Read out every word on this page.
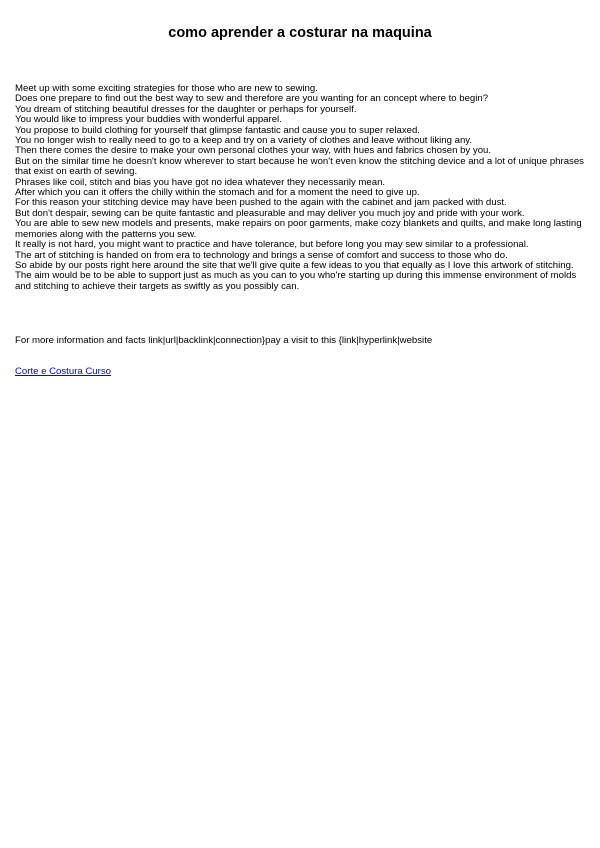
como aprender a costurar na maquina
Meet up with some exciting strategies for those who are new to sewing.
Does one prepare to find out the best way to sew and therefore are you wanting for an concept where to begin?
You dream of stitching beautiful dresses for the daughter or perhaps for yourself.
You would like to impress your buddies with wonderful apparel.
You propose to build clothing for yourself that glimpse fantastic and cause you to super relaxed.
You no longer wish to really need to go to a keep and try on a variety of clothes and leave without liking any.
Then there comes the desire to make your own personal clothes your way, with hues and fabrics chosen by you.
But on the similar time he doesn't know wherever to start because he won't even know the stitching device and a lot of unique phrases that exist on earth of sewing.
Phrases like coil, stitch and bias you have got no idea whatever they necessarily mean.
After which you can it offers the chilly within the stomach and for a moment the need to give up.
For this reason your stitching device may have been pushed to the again with the cabinet and jam packed with dust.
But don't despair, sewing can be quite fantastic and pleasurable and may deliver you much joy and pride with your work.
You are able to sew new models and presents, make repairs on poor garments, make cozy blankets and quilts, and make long lasting memories along with the patterns you sew.
It really is not hard, you might want to practice and have tolerance, but before long you may sew similar to a professional.
The art of stitching is handed on from era to technology and brings a sense of comfort and success to those who do.
So abide by our posts right here around the site that we'll give quite a few ideas to you that equally as I love this artwork of stitching.
The aim would be to be able to support just as much as you can to you who're starting up during this immense environment of molds and stitching to achieve their targets as swiftly as you possibly can.

For more information and facts link|url|backlink|connection}pay a visit to this {link|hyperlink|website

Corte e Costura Curso
